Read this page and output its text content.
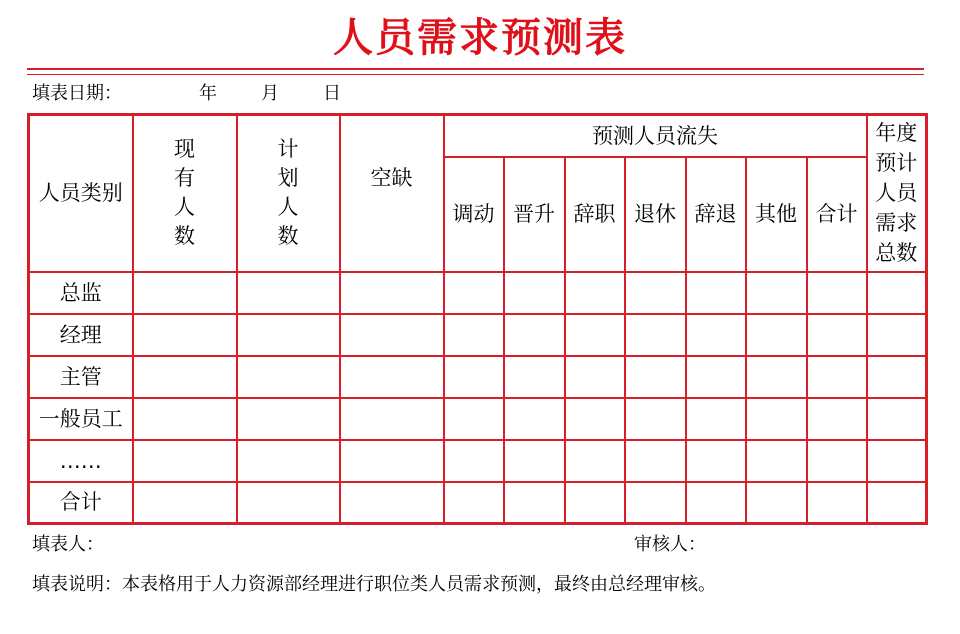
人员需求预测表
填表日期：	年 月 日
人员类别	现有人数	计划人数	空缺	预测人员流失							年度预计人员需求总数

				调动	晋升	辞职	退休	辞退	其他	合计	
总监											
经理											
主管											
一般员工											
……											
合计											
填表人：	审核人：
填表说明：本表格用于人力资源部经理进行职位类人员需求预测，最终由总经理审核。
